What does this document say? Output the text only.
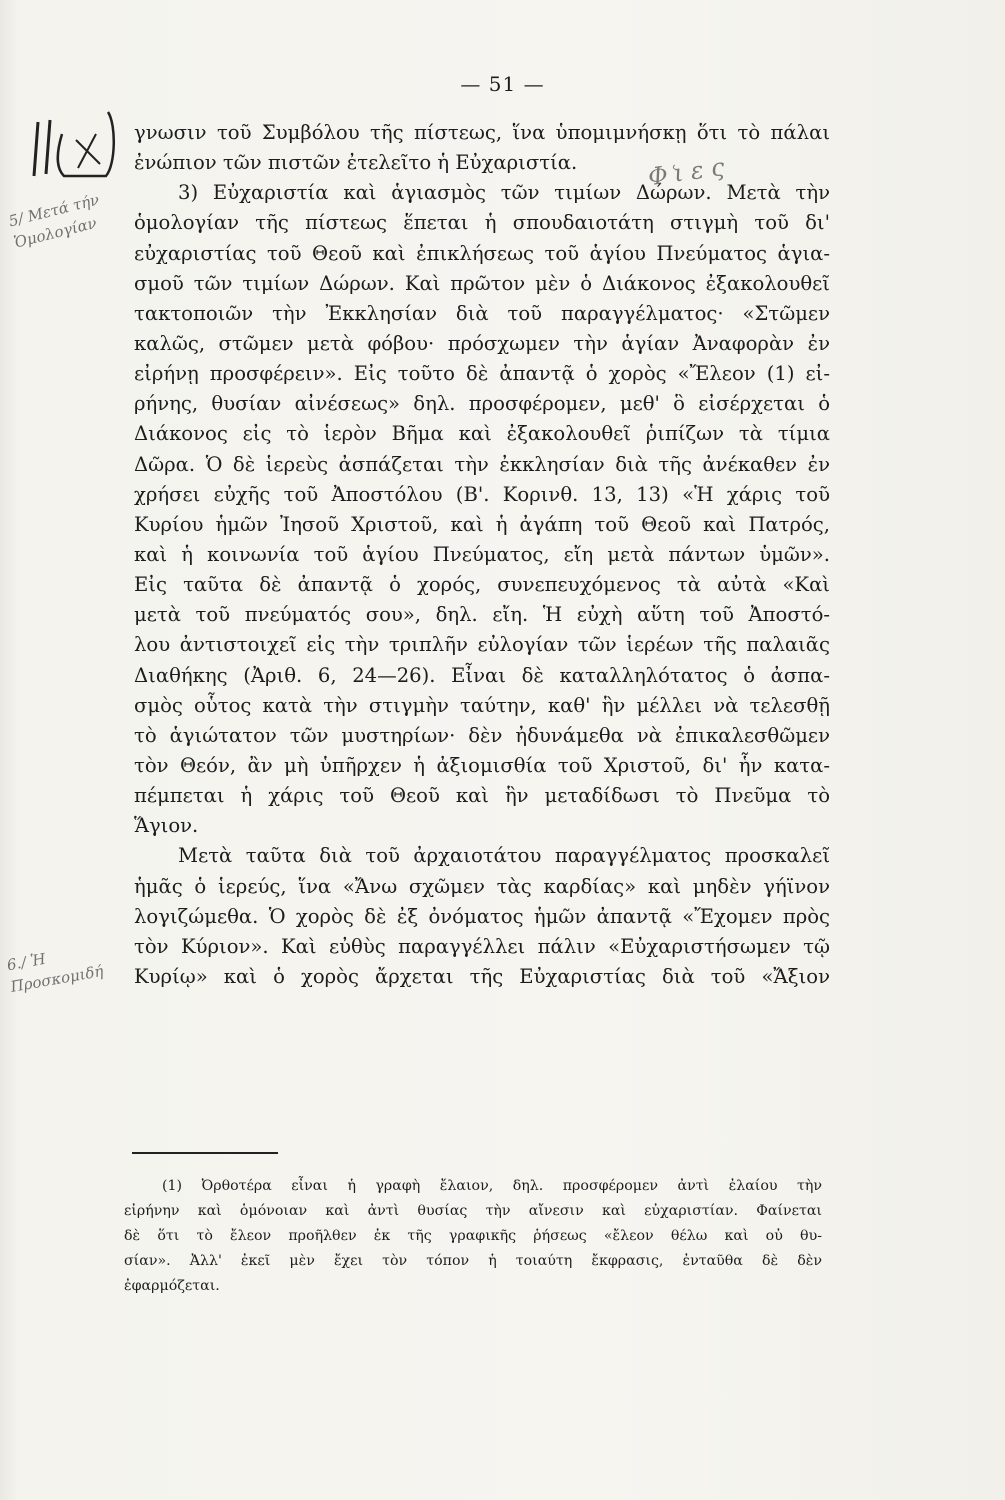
— 51 —
Φ ͑ι ε ς
5/ Μετά τήν Ὁμολογίαν
6./ Ἡ Προσκομιδή
γνωσιν τοῦ Συμβόλου τῆς πίστεως, ἵνα ὑπομιμνήσκῃ ὅτι τὸ πάλαι
ἐνώπιον τῶν πιστῶν ἐτελεῖτο ἡ Εὐχαριστία.
3) Εὐχαριστία καὶ ἁγιασμὸς τῶν τιμίων Δώρων. Μετὰ τὴν
ὁμολογίαν τῆς πίστεως ἕπεται ἡ σπουδαιοτάτη στιγμὴ τοῦ δι'
εὐχαριστίας τοῦ Θεοῦ καὶ ἐπικλήσεως τοῦ ἁγίου Πνεύματος ἁγια-
σμοῦ τῶν τιμίων Δώρων. Καὶ πρῶτον μὲν ὁ Διάκονος ἐξακολουθεῖ
τακτοποιῶν τὴν Ἐκκλησίαν διὰ τοῦ παραγγέλματος· «Στῶμεν
καλῶς, στῶμεν μετὰ φόβου· πρόσχωμεν τὴν ἁγίαν Ἀναφορὰν ἐν
εἰρήνῃ προσφέρειν». Εἰς τοῦτο δὲ ἀπαντᾷ ὁ χορὸς «Ἔλεον (1) εἰ-
ρήνης, θυσίαν αἰνέσεως» δηλ. προσφέρομεν, μεθ' ὃ εἰσέρχεται ὁ
Διάκονος εἰς τὸ ἱερὸν Βῆμα καὶ ἐξακολουθεῖ ῥιπίζων τὰ τίμια
Δῶρα. Ὁ δὲ ἱερεὺς ἀσπάζεται τὴν ἐκκλησίαν διὰ τῆς ἀνέκαθεν ἐν
χρήσει εὐχῆς τοῦ Ἀποστόλου (Β'. Κορινθ. 13, 13) «Ἡ χάρις τοῦ
Κυρίου ἡμῶν Ἰησοῦ Χριστοῦ, καὶ ἡ ἀγάπη τοῦ Θεοῦ καὶ Πατρός,
καὶ ἡ κοινωνία τοῦ ἁγίου Πνεύματος, εἴη μετὰ πάντων ὑμῶν».
Εἰς ταῦτα δὲ ἀπαντᾷ ὁ χορός, συνεπευχόμενος τὰ αὐτὰ «Καὶ
μετὰ τοῦ πνεύματός σου», δηλ. εἴη. Ἡ εὐχὴ αὕτη τοῦ Ἀποστό-
λου ἀντιστοιχεῖ εἰς τὴν τριπλῆν εὐλογίαν τῶν ἱερέων τῆς παλαιᾶς
Διαθήκης (Ἀριθ. 6, 24—26). Εἶναι δὲ καταλληλότατος ὁ ἀσπα-
σμὸς οὗτος κατὰ τὴν στιγμὴν ταύτην, καθ' ἣν μέλλει νὰ τελεσθῇ
τὸ ἁγιώτατον τῶν μυστηρίων· δὲν ἠδυνάμεθα νὰ ἐπικαλεσθῶμεν
τὸν Θεόν, ἂν μὴ ὑπῆρχεν ἡ ἀξιομισθία τοῦ Χριστοῦ, δι' ἧν κατα-
πέμπεται ἡ χάρις τοῦ Θεοῦ καὶ ἣν μεταδίδωσι τὸ Πνεῦμα τὸ
Ἅγιον.
Μετὰ ταῦτα διὰ τοῦ ἀρχαιοτάτου παραγγέλματος προσκαλεῖ
ἡμᾶς ὁ ἱερεύς, ἵνα «Ἄνω σχῶμεν τὰς καρδίας» καὶ μηδὲν γήϊνον
λογιζώμεθα. Ὁ χορὸς δὲ ἐξ ὀνόματος ἡμῶν ἀπαντᾷ «Ἔχομεν πρὸς
τὸν Κύριον». Καὶ εὐθὺς παραγγέλλει πάλιν «Εὐχαριστήσωμεν τῷ
Κυρίῳ» καὶ ὁ χορὸς ἄρχεται τῆς Εὐχαριστίας διὰ τοῦ «Ἄξιον
(1) Ὀρθοτέρα εἶναι ἡ γραφὴ ἔλαιον, δηλ. προσφέρομεν ἀντὶ ἐλαίου τὴν
εἰρήνην καὶ ὁμόνοιαν καὶ ἀντὶ θυσίας τὴν αἴνεσιν καὶ εὐχαριστίαν. Φαίνεται
δὲ ὅτι τὸ ἔλεον προῆλθεν ἐκ τῆς γραφικῆς ῥήσεως «ἔλεον θέλω καὶ οὐ θυ-
σίαν». Ἀλλ' ἐκεῖ μὲν ἔχει τὸν τόπον ἡ τοιαύτη ἔκφρασις, ἐνταῦθα δὲ δὲν
ἐφαρμόζεται.
